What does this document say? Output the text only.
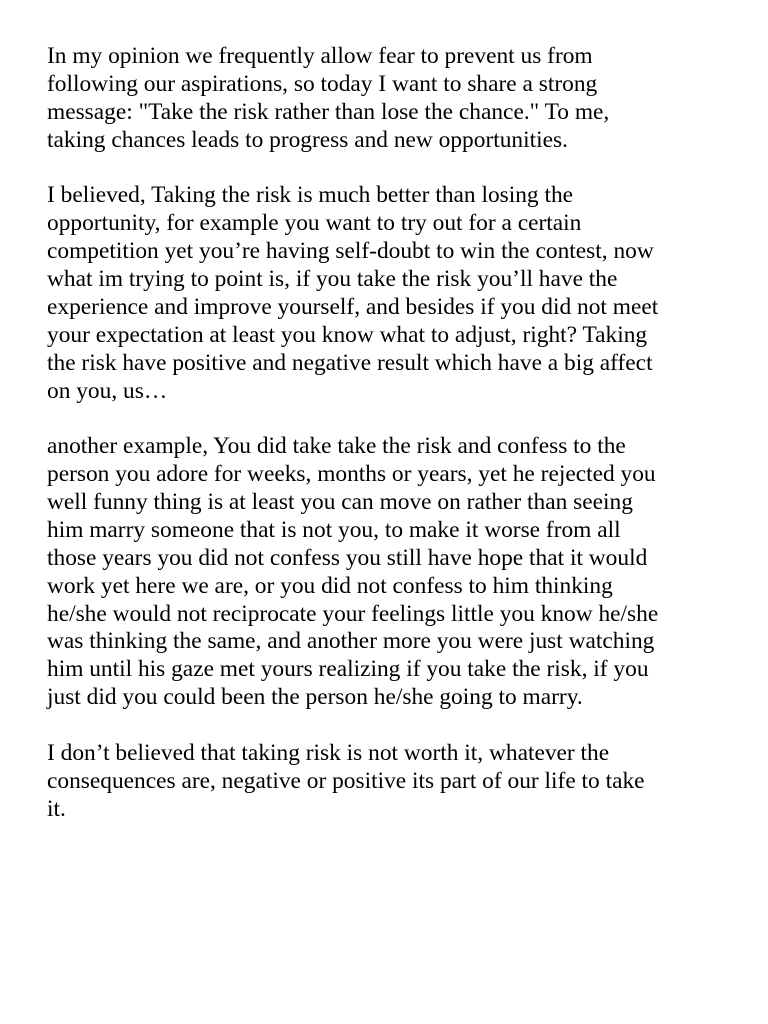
In my opinion we frequently allow fear to prevent us from
following our aspirations, so today I want to share a strong
message: "Take the risk rather than lose the chance." To me,
taking chances leads to progress and new opportunities.

I believed, Taking the risk is much better than losing the
opportunity, for example you want to try out for a certain
competition yet you’re having self-doubt to win the contest, now
what im trying to point is, if you take the risk you’ll have the
experience and improve yourself, and besides if you did not meet
your expectation at least you know what to adjust, right? Taking
the risk have positive and negative result which have a big affect
on you, us…

another example, You did take take the risk and confess to the
person you adore for weeks, months or years, yet he rejected you
well funny thing is at least you can move on rather than seeing
him marry someone that is not you, to make it worse from all
those years you did not confess you still have hope that it would
work yet here we are, or you did not confess to him thinking
he/she would not reciprocate your feelings little you know he/she
was thinking the same, and another more you were just watching
him until his gaze met yours realizing if you take the risk, if you
just did you could been the person he/she going to marry.

I don’t believed that taking risk is not worth it, whatever the
consequences are, negative or positive its part of our life to take
it.
